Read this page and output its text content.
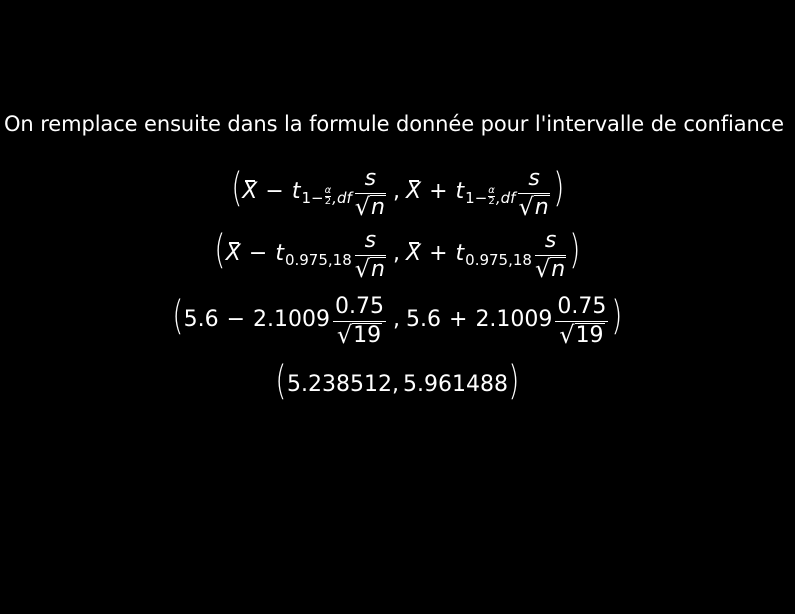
On remplace ensuite dans la formule donnée pour l'intervalle de confiance
( X − t 1− α
2 $,df \frac{s}{√ n}$ , X + t 1− α
2 $,df \frac{s}{√ n}$ )
( X − t $0.975,18 \frac{s}{√ n}$ , X + t $0.975,18 \frac{s}{√ n}$ )
( $5.6 - 2.1009 \frac{0.75}{√ 19}$ , $5.6 + 2.1009 \frac{0.75}{√ 19}$ )
( 5.238512 , 5.961488 )
